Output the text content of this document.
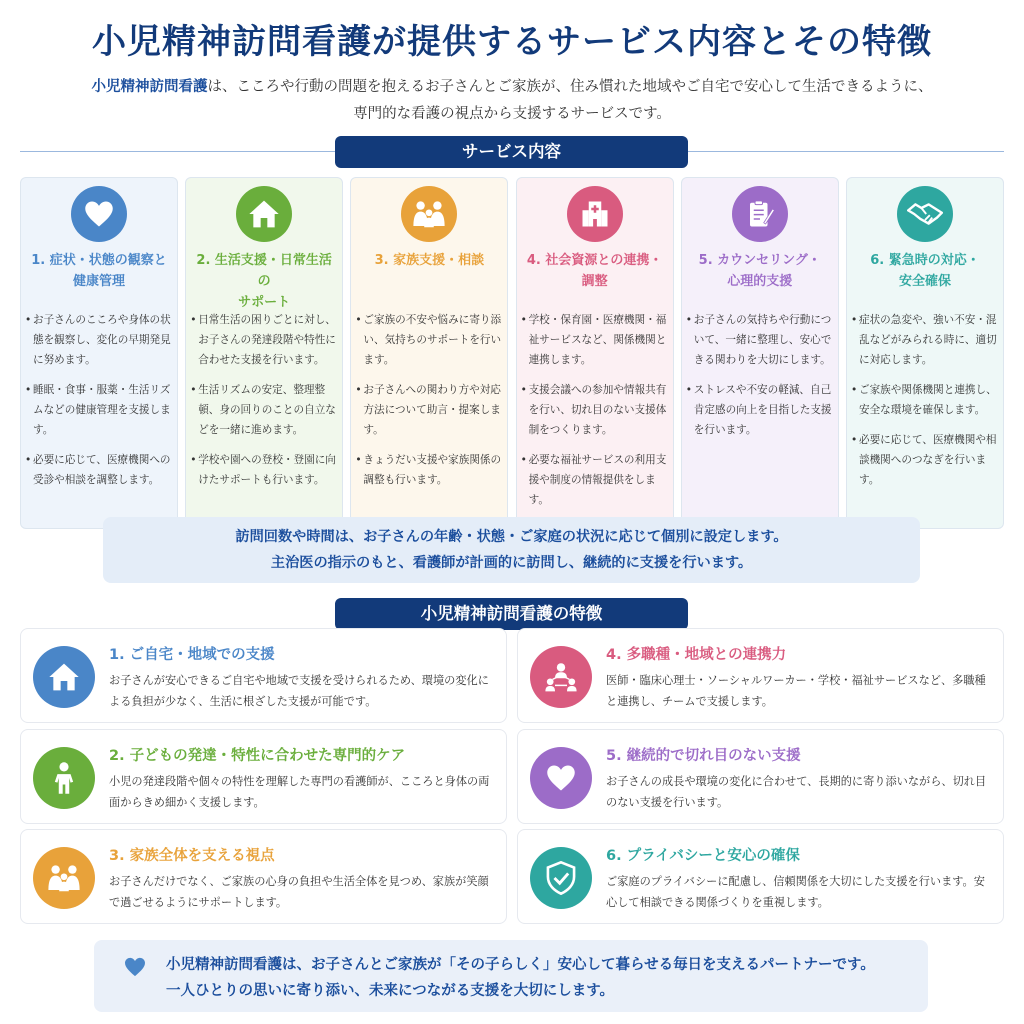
小児精神訪問看護が提供するサービス内容とその特徴
小児精神訪問看護は、こころや行動の問題を抱えるお子さんとご家族が、住み慣れた地域やご自宅で安心して生活できるように、
専門的な看護の視点から支援するサービスです。
サービス内容
1. 症状・状態の観察と
健康管理
• お子さんのこころや身体の状態を観察し、変化の早期発見に努めます。
• 睡眠・食事・服薬・生活リズムなどの健康管理を支援します。
• 必要に応じて、医療機関への受診や相談を調整します。
2. 生活支援・日常生活の
サポート
• 日常生活の困りごとに対し、お子さんの発達段階や特性に合わせた支援を行います。
• 生活リズムの安定、整理整頓、身の回りのことの自立などを一緒に進めます。
• 学校や園への登校・登園に向けたサポートも行います。
3. 家族支援・相談
• ご家族の不安や悩みに寄り添い、気持ちのサポートを行います。
• お子さんへの関わり方や対応方法について助言・提案します。
• きょうだい支援や家族関係の調整も行います。
4. 社会資源との連携・
調整
• 学校・保育園・医療機関・福祉サービスなど、関係機関と連携します。
• 支援会議への参加や情報共有を行い、切れ目のない支援体制をつくります。
• 必要な福祉サービスの利用支援や制度の情報提供をします。
5. カウンセリング・
心理的支援
• お子さんの気持ちや行動について、一緒に整理し、安心できる関わりを大切にします。
• ストレスや不安の軽減、自己肯定感の向上を目指した支援を行います。
6. 緊急時の対応・
安全確保
• 症状の急変や、強い不安・混乱などがみられる時に、適切に対応します。
• ご家族や関係機関と連携し、安全な環境を確保します。
• 必要に応じて、医療機関や相談機関へのつなぎを行います。
訪問回数や時間は、お子さんの年齢・状態・ご家庭の状況に応じて個別に設定します。
主治医の指示のもと、看護師が計画的に訪問し、継続的に支援を行います。
小児精神訪問看護の特徴
1. ご自宅・地域での支援
お子さんが安心できるご自宅や地域で支援を受けられるため、環境の変化による負担が少なく、生活に根ざした支援が可能です。
4. 多職種・地域との連携力
医師・臨床心理士・ソーシャルワーカー・学校・福祉サービスなど、多職種と連携し、チームで支援します。
2. 子どもの発達・特性に合わせた専門的ケア
小児の発達段階や個々の特性を理解した専門の看護師が、こころと身体の両面からきめ細かく支援します。
5. 継続的で切れ目のない支援
お子さんの成長や環境の変化に合わせて、長期的に寄り添いながら、切れ目のない支援を行います。
3. 家族全体を支える視点
お子さんだけでなく、ご家族の心身の負担や生活全体を見つめ、家族が笑顔で過ごせるようにサポートします。
6. プライバシーと安心の確保
ご家庭のプライバシーに配慮し、信頼関係を大切にした支援を行います。安心して相談できる関係づくりを重視します。
小児精神訪問看護は、お子さんとご家族が「その子らしく」安心して暮らせる毎日を支えるパートナーです。
一人ひとりの思いに寄り添い、未来につながる支援を大切にします。
